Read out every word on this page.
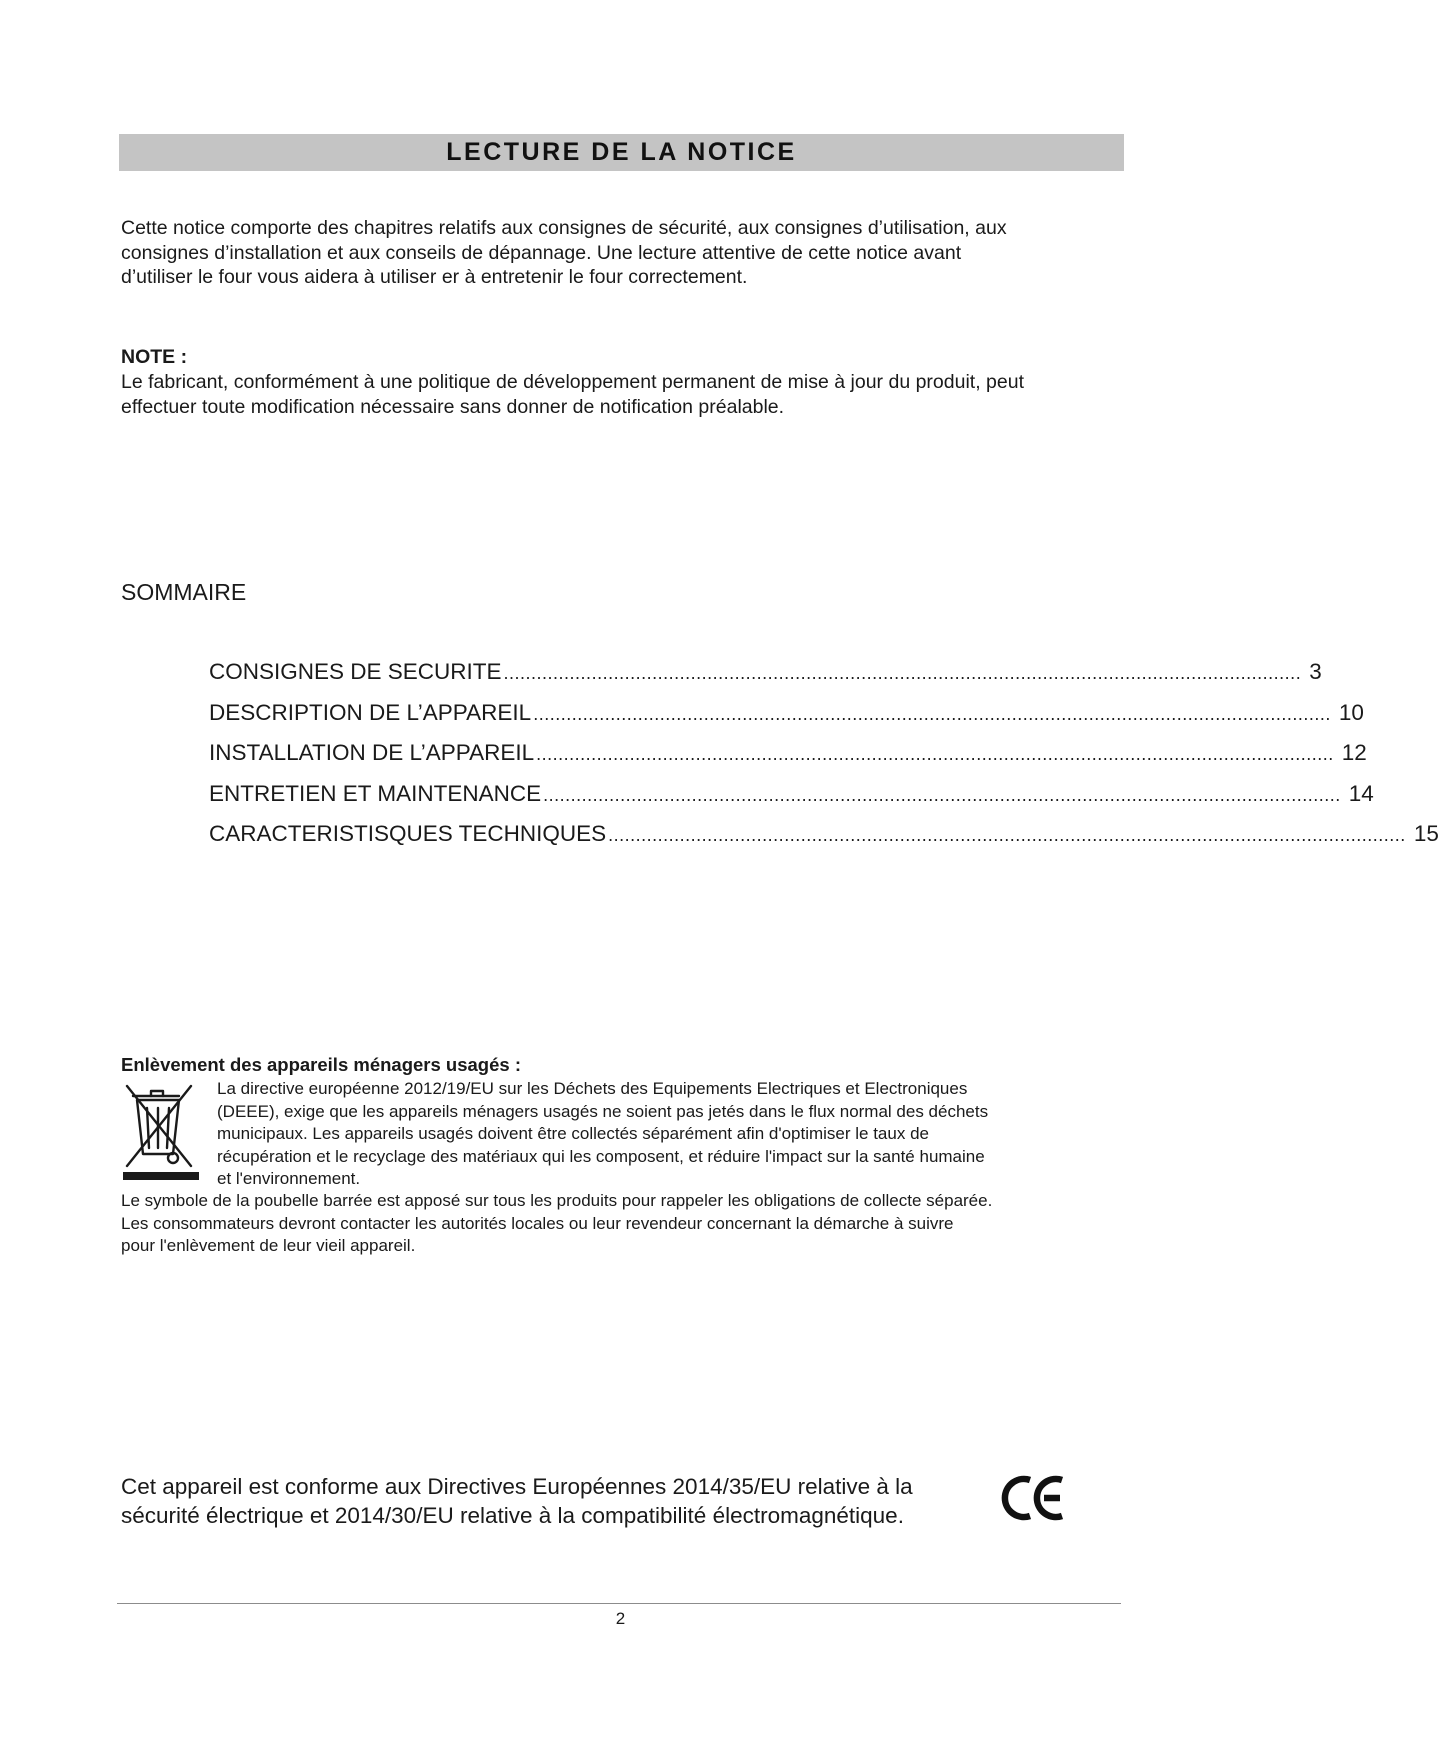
LECTURE DE LA NOTICE
Cette notice comporte des chapitres relatifs aux consignes de sécurité, aux consignes d’utilisation, aux
consignes d’installation et aux conseils de dépannage. Une lecture attentive de cette notice avant
d’utiliser le four vous aidera à utiliser er à entretenir le four correctement.
NOTE :
Le fabricant, conformément à une politique de développement permanent de mise à jour du produit, peut
effectuer toute modification nécessaire sans donner de notification préalable.
SOMMAIRE
CONSIGNES DE SECURITE ................................................................................................................................................. 3
DESCRIPTION DE L’APPAREIL ................................................................................................................................................. 10
INSTALLATION DE L’APPAREIL ................................................................................................................................................. 12
ENTRETIEN ET MAINTENANCE ................................................................................................................................................. 14
CARACTERISTISQUES TECHNIQUES ................................................................................................................................................. 15
Enlèvement des appareils ménagers usagés :
La directive européenne 2012/19/EU sur les Déchets des Equipements Electriques et Electroniques
(DEEE), exige que les appareils ménagers usagés ne soient pas jetés dans le flux normal des déchets
municipaux. Les appareils usagés doivent être collectés séparément afin d'optimiser le taux de
récupération et le recyclage des matériaux qui les composent, et réduire l'impact sur la santé humaine
et l'environnement.
Le symbole de la poubelle barrée est apposé sur tous les produits pour rappeler les obligations de collecte séparée.
Les consommateurs devront contacter les autorités locales ou leur revendeur concernant la démarche à suivre
pour l'enlèvement de leur vieil appareil.
Cet appareil est conforme aux Directives Européennes 2014/35/EU relative à la
sécurité électrique et 2014/30/EU relative à la compatibilité électromagnétique.
2
